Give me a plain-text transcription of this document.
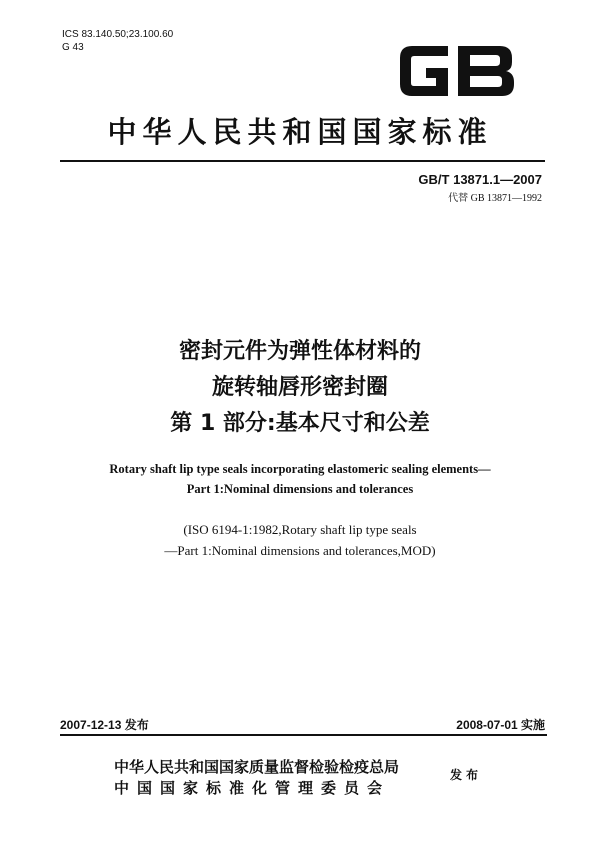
ICS 83.140.50;23.100.60
G 43
GB
中华人民共和国国家标准
GB/T 13871.1—2007
代替 GB 13871—1992
密封元件为弹性体材料的
旋转轴唇形密封圈
第 1 部分:基本尺寸和公差
Rotary shaft lip type seals incorporating elastomeric sealing elements—
Part 1:Nominal dimensions and tolerances
(ISO 6194-1:1982,Rotary shaft lip type seals
—Part 1:Nominal dimensions and tolerances,MOD)
2007-12-13 发布	2008-07-01 实施
中华人民共和国国家质量监督检验检疫总局
中国国家标准化管理委员会
发布
